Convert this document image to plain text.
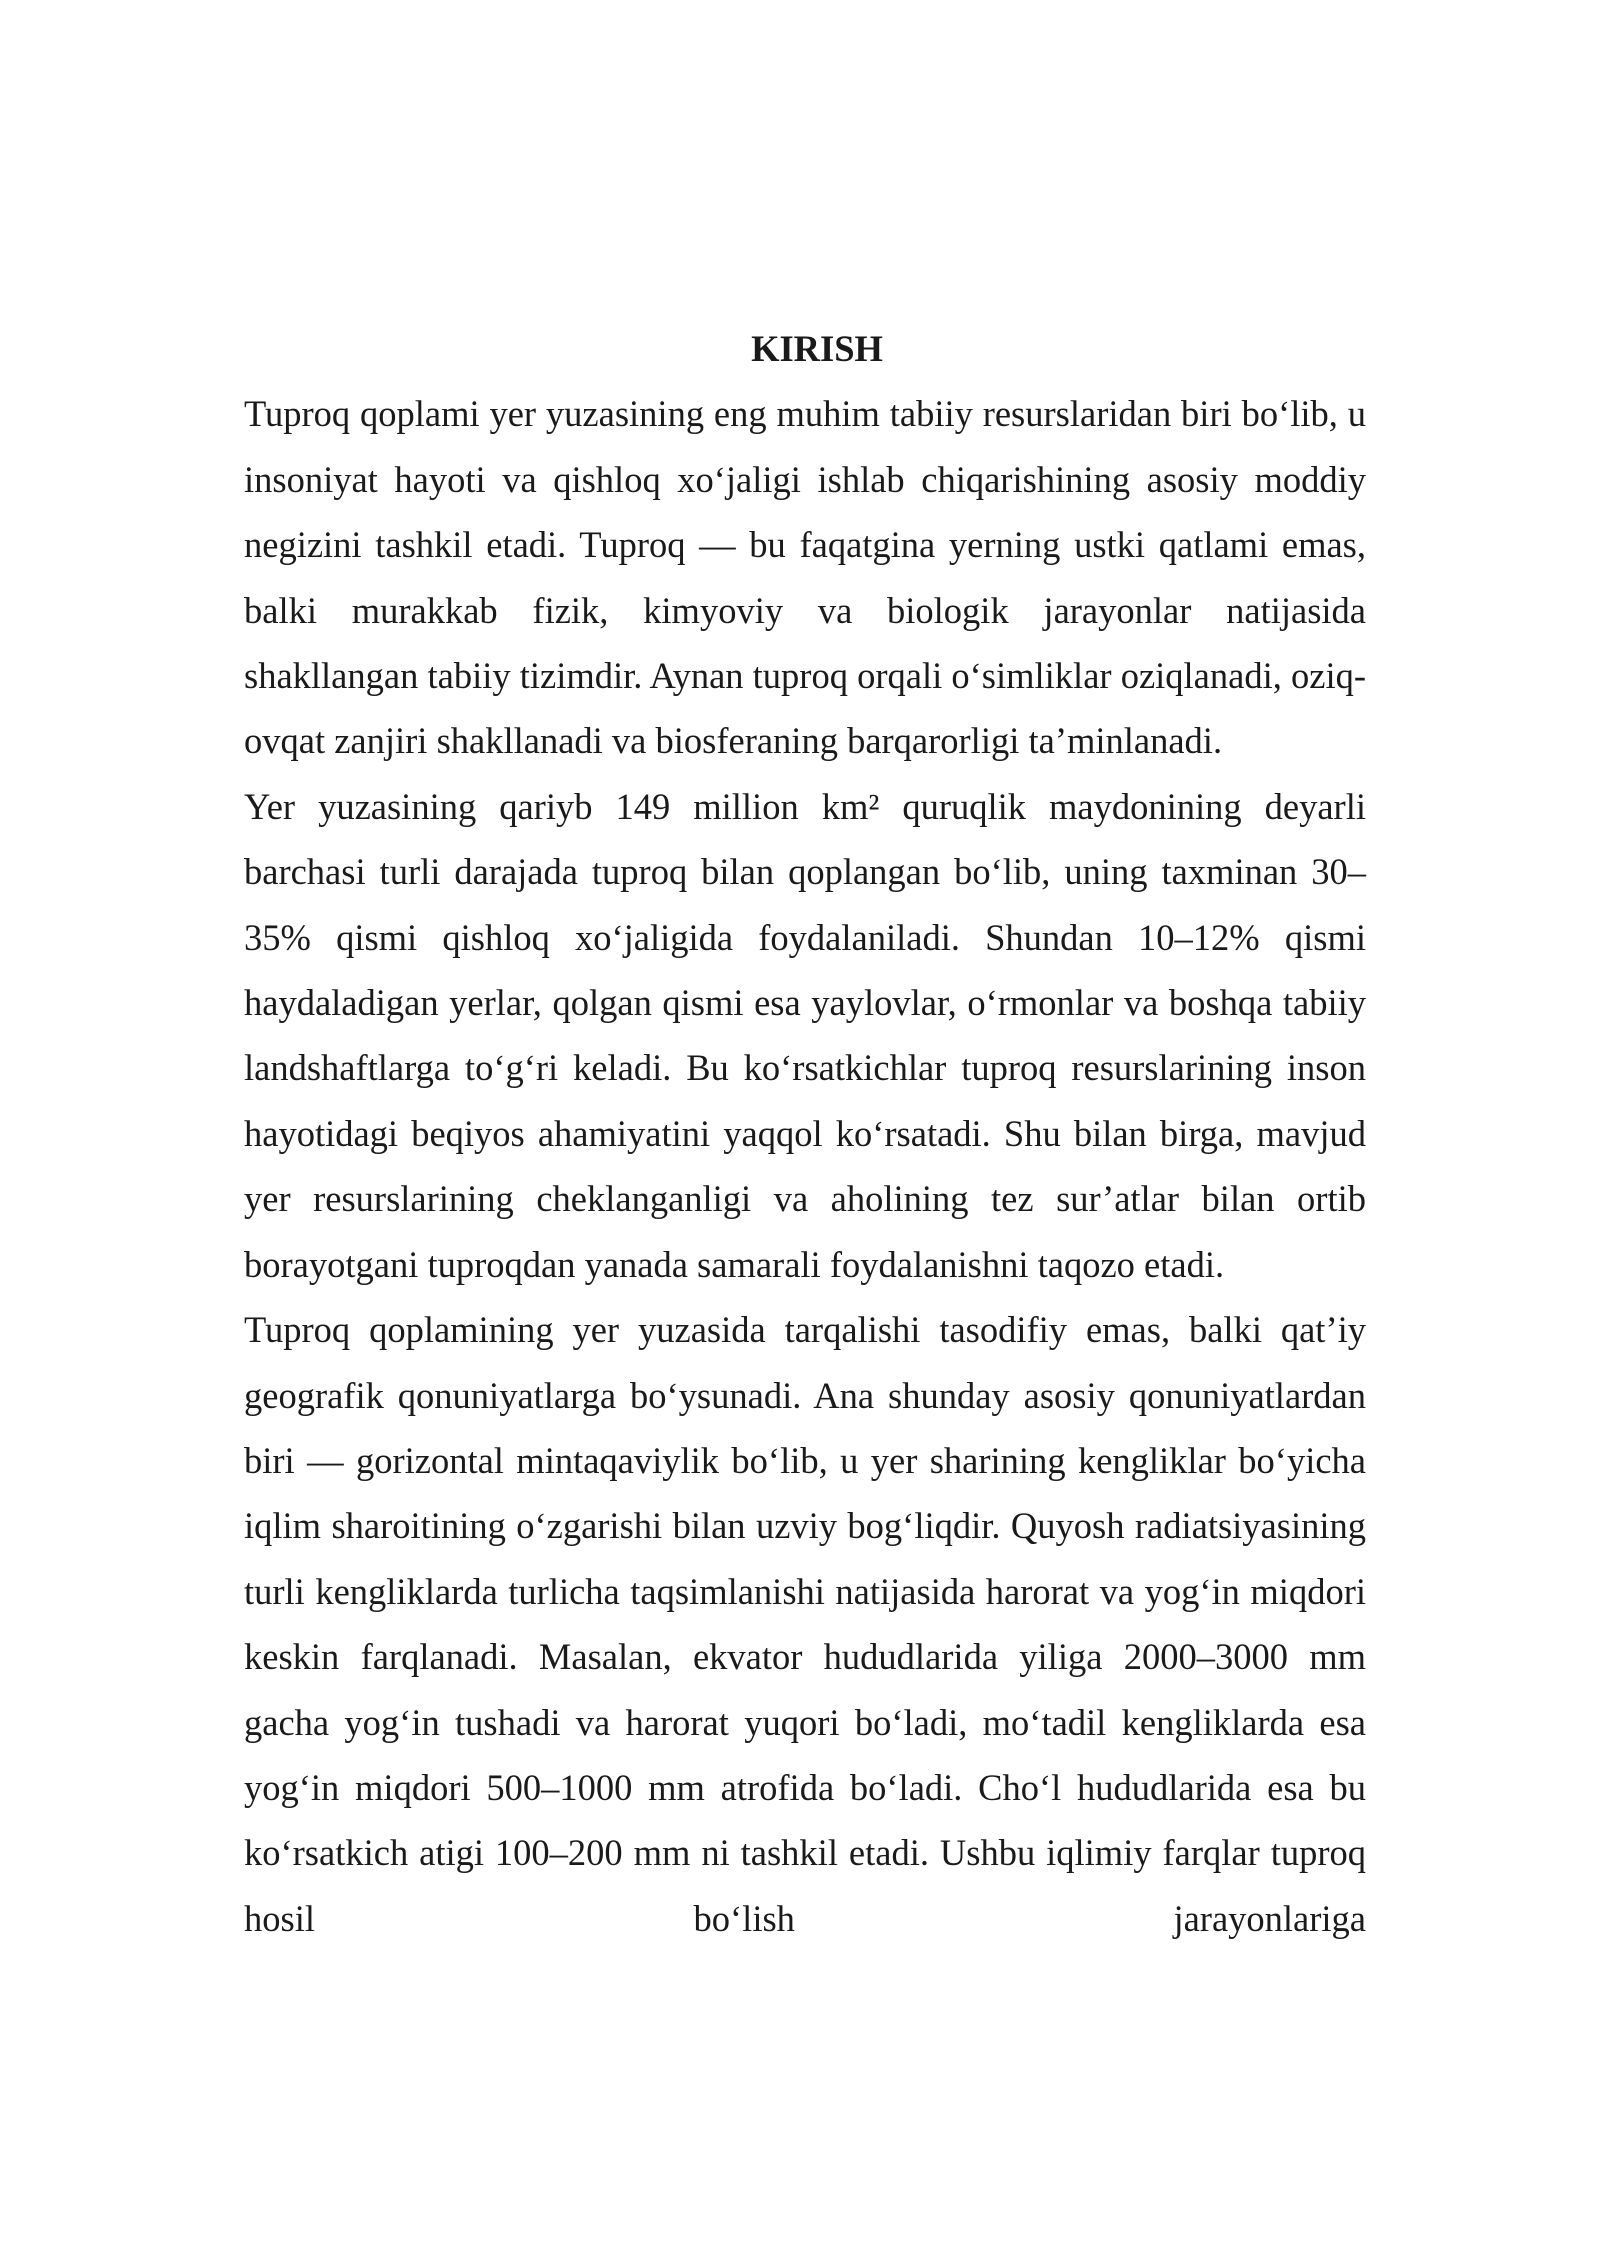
KIRISH

Tuproq qoplami yer yuzasining eng muhim tabiiy resurslaridan biri bo‘lib, u insoniyat hayoti va qishloq xo‘jaligi ishlab chiqarishining asosiy moddiy negizini tashkil etadi. Tuproq — bu faqatgina yerning ustki qatlami emas, balki murakkab fizik, kimyoviy va biologik jarayonlar natijasida shakllangan tabiiy tizimdir. Aynan tuproq orqali o‘simliklar oziqlanadi, oziq-ovqat zanjiri shakllanadi va biosferaning barqarorligi ta’minlanadi.

Yer yuzasining qariyb 149 million km² quruqlik maydonining deyarli barchasi turli darajada tuproq bilan qoplangan bo‘lib, uning taxminan 30–35% qismi qishloq xo‘jaligida foydalaniladi. Shundan 10–12% qismi haydaladigan yerlar, qolgan qismi esa yaylovlar, o‘rmonlar va boshqa tabiiy landshaftlarga to‘g‘ri keladi. Bu ko‘rsatkichlar tuproq resurslarining inson hayotidagi beqiyos ahamiyatini yaqqol ko‘rsatadi. Shu bilan birga, mavjud yer resurslarining cheklanganligi va aholining tez sur’atlar bilan ortib borayotgani tuproqdan yanada samarali foydalanishni taqozo etadi.

Tuproq qoplamining yer yuzasida tarqalishi tasodifiy emas, balki qat’iy geografik qonuniyatlarga bo‘ysunadi. Ana shunday asosiy qonuniyatlardan biri — gorizontal mintaqaviylik bo‘lib, u yer sharining kengliklar bo‘yicha iqlim sharoitining o‘zgarishi bilan uzviy bog‘liqdir. Quyosh radiatsiyasining turli kengliklarda turlicha taqsimlanishi natijasida harorat va yog‘in miqdori keskin farqlanadi. Masalan, ekvator hududlarida yiliga 2000–3000 mm gacha yog‘in tushadi va harorat yuqori bo‘ladi, mo‘tadil kengliklarda esa yog‘in miqdori 500–1000 mm atrofida bo‘ladi. Cho‘l hududlarida esa bu ko‘rsatkich atigi 100–200 mm ni tashkil etadi. Ushbu iqlimiy farqlar tuproq hosil bo‘lish jarayonlariga
